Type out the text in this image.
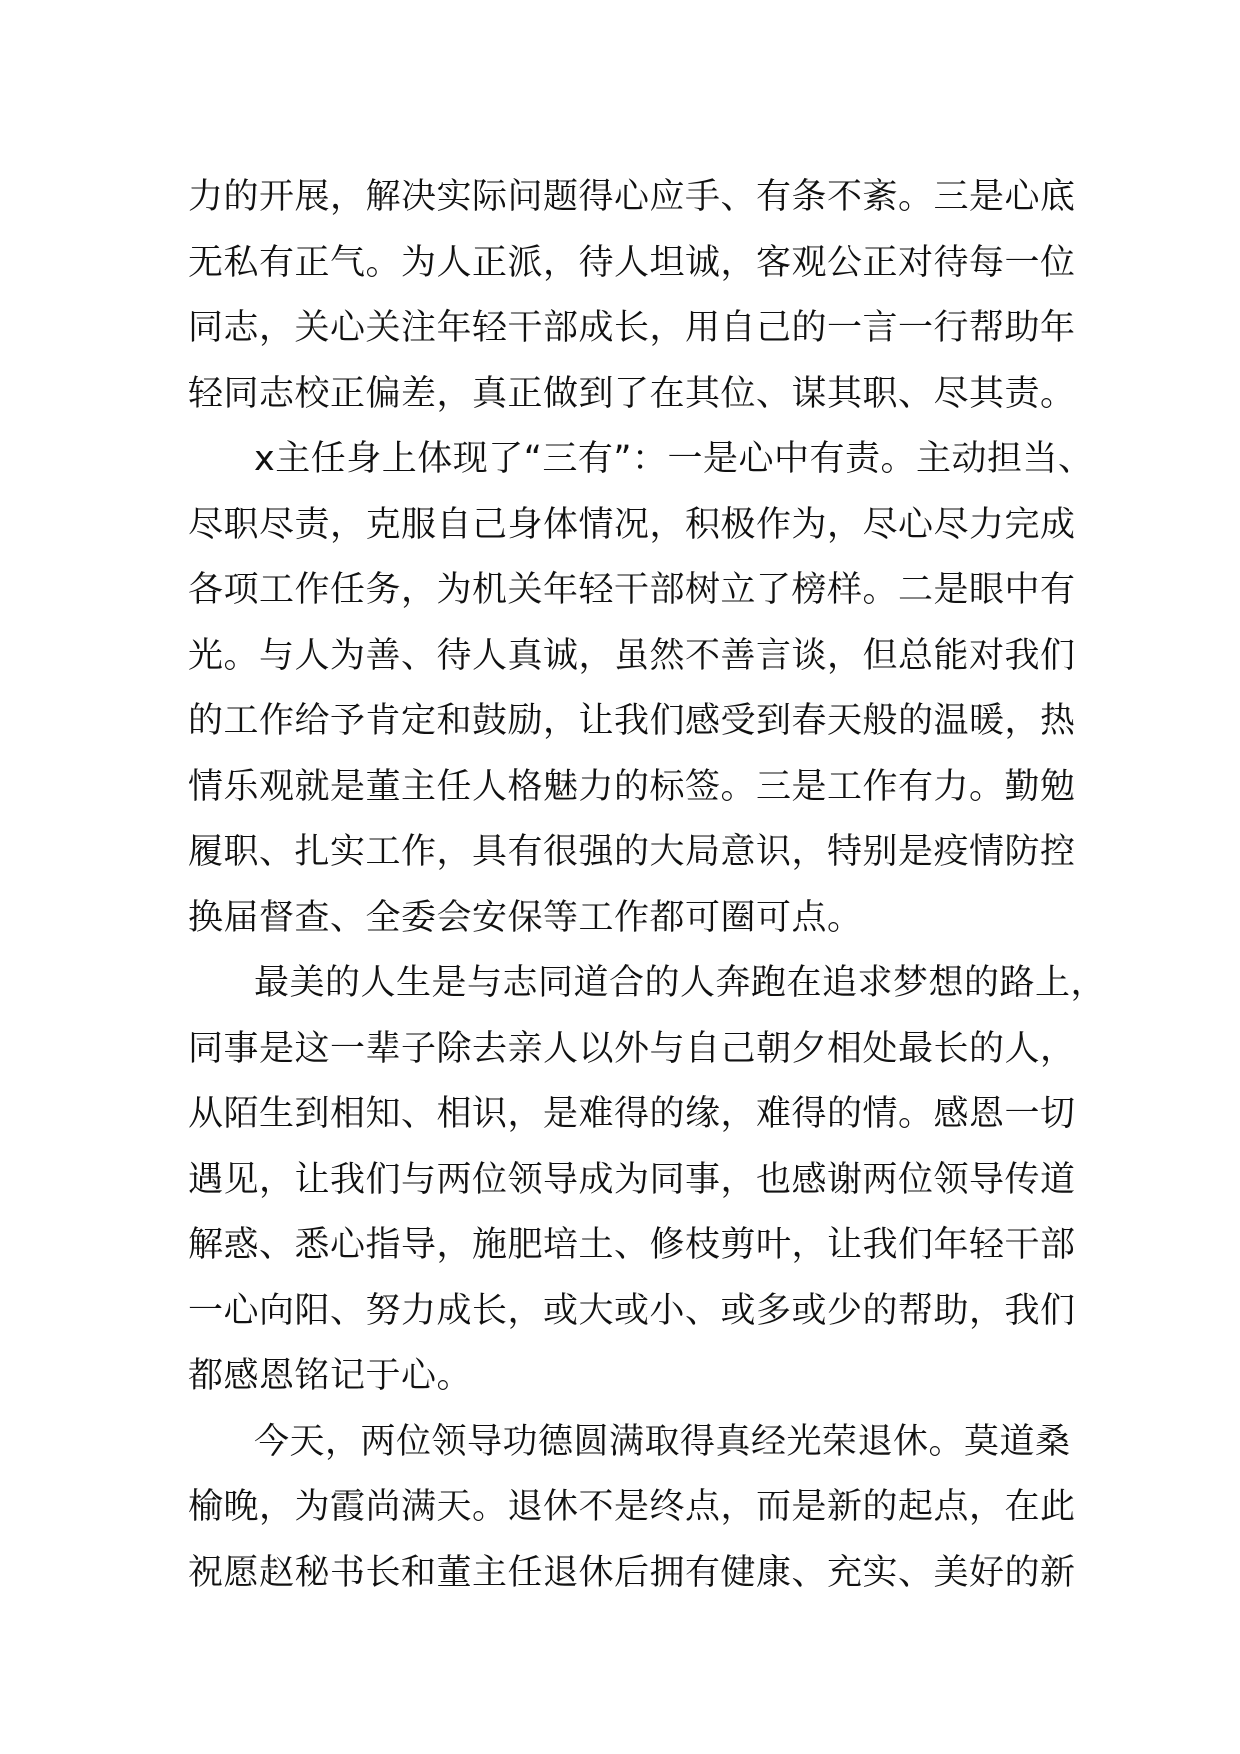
力的开展，解决实际问题得心应手、有条不紊。三是心底
无私有正气。为人正派，待人坦诚，客观公正对待每一位
同志，关心关注年轻干部成长，用自己的一言一行帮助年
轻同志校正偏差，真正做到了在其位、谋其职、尽其责。
x主任身上体现了“三有”：一是心中有责。主动担当、
尽职尽责，克服自己身体情况，积极作为，尽心尽力完成
各项工作任务，为机关年轻干部树立了榜样。二是眼中有
光。与人为善、待人真诚，虽然不善言谈，但总能对我们
的工作给予肯定和鼓励，让我们感受到春天般的温暖，热
情乐观就是董主任人格魅力的标签。三是工作有力。勤勉
履职、扎实工作，具有很强的大局意识，特别是疫情防控
换届督查、全委会安保等工作都可圈可点。
最美的人生是与志同道合的人奔跑在追求梦想的路上，
同事是这一辈子除去亲人以外与自己朝夕相处最长的人，
从陌生到相知、相识，是难得的缘，难得的情。感恩一切
遇见，让我们与两位领导成为同事，也感谢两位领导传道
解惑、悉心指导，施肥培土、修枝剪叶，让我们年轻干部
一心向阳、努力成长，或大或小、或多或少的帮助，我们
都感恩铭记于心。
今天，两位领导功德圆满取得真经光荣退休。莫道桑
榆晚，为霞尚满天。退休不是终点，而是新的起点，在此
祝愿赵秘书长和董主任退休后拥有健康、充实、美好的新
